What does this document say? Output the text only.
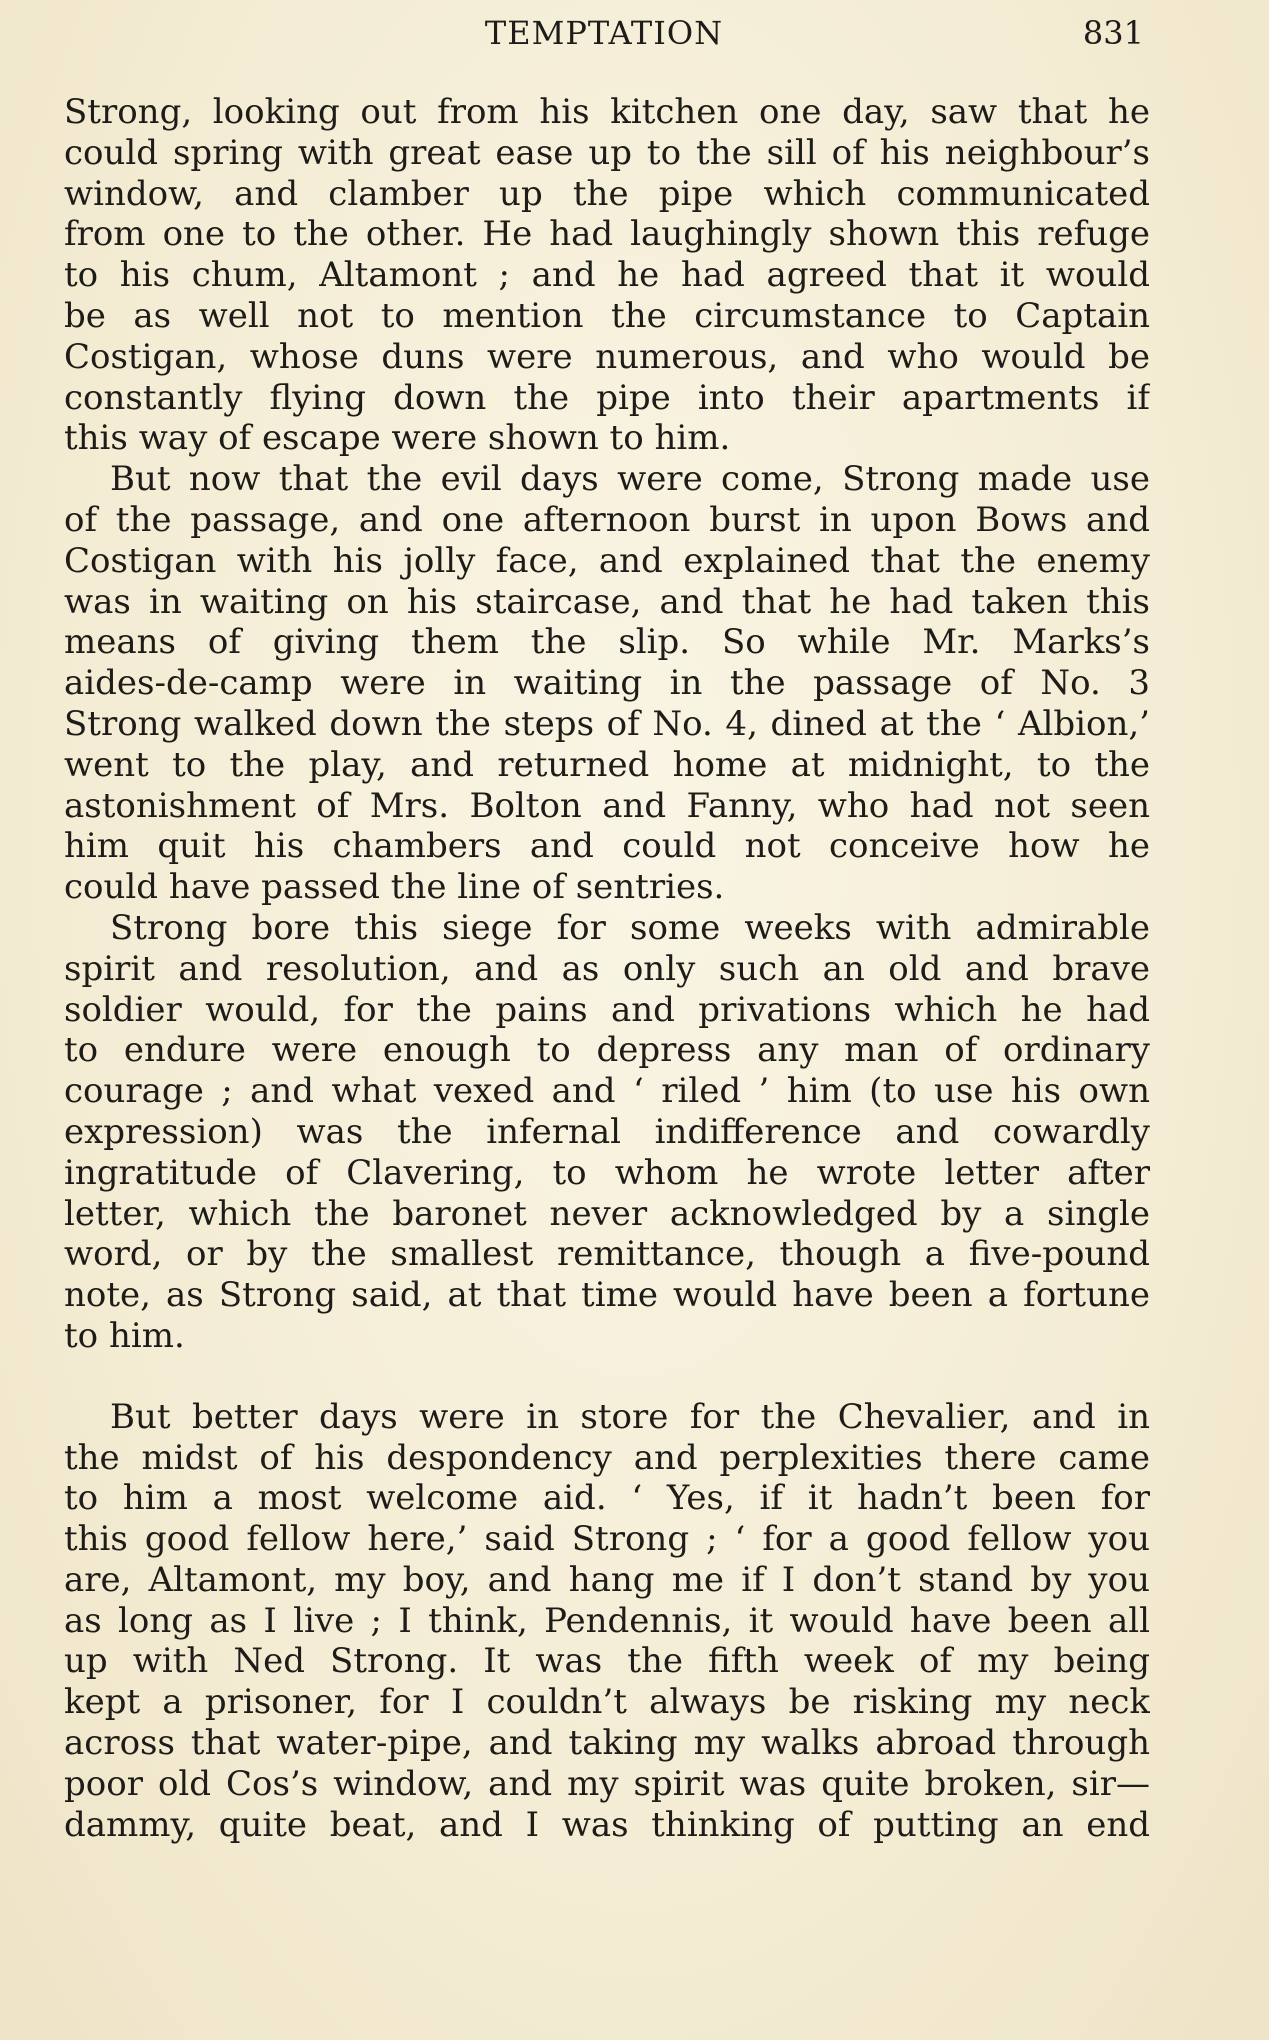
TEMPTATION	831
Strong, looking out from his kitchen one day, saw that he
could spring with great ease up to the sill of his neighbour’s
window, and clamber up the pipe which communicated
from one to the other. He had laughingly shown this refuge
to his chum, Altamont ; and he had agreed that it would
be as well not to mention the circumstance to Captain
Costigan, whose duns were numerous, and who would be
constantly flying down the pipe into their apartments if
this way of escape were shown to him.
But now that the evil days were come, Strong made use
of the passage, and one afternoon burst in upon Bows and
Costigan with his jolly face, and explained that the enemy
was in waiting on his staircase, and that he had taken this
means of giving them the slip. So while Mr. Marks’s
aides-de-camp were in waiting in the passage of No. 3
Strong walked down the steps of No. 4, dined at the ‘ Albion,’
went to the play, and returned home at midnight, to the
astonishment of Mrs. Bolton and Fanny, who had not seen
him quit his chambers and could not conceive how he
could have passed the line of sentries.
Strong bore this siege for some weeks with admirable
spirit and resolution, and as only such an old and brave
soldier would, for the pains and privations which he had
to endure were enough to depress any man of ordinary
courage ; and what vexed and ‘ riled ’ him (to use his own
expression) was the infernal indifference and cowardly
ingratitude of Clavering, to whom he wrote letter after
letter, which the baronet never acknowledged by a single
word, or by the smallest remittance, though a five-pound
note, as Strong said, at that time would have been a fortune
to him.
But better days were in store for the Chevalier, and in
the midst of his despondency and perplexities there came
to him a most welcome aid. ‘ Yes, if it hadn’t been for
this good fellow here,’ said Strong ; ‘ for a good fellow you
are, Altamont, my boy, and hang me if I don’t stand by you
as long as I live ; I think, Pendennis, it would have been all
up with Ned Strong. It was the fifth week of my being
kept a prisoner, for I couldn’t always be risking my neck
across that water-pipe, and taking my walks abroad through
poor old Cos’s window, and my spirit was quite broken, sir—
dammy, quite beat, and I was thinking of putting an end
